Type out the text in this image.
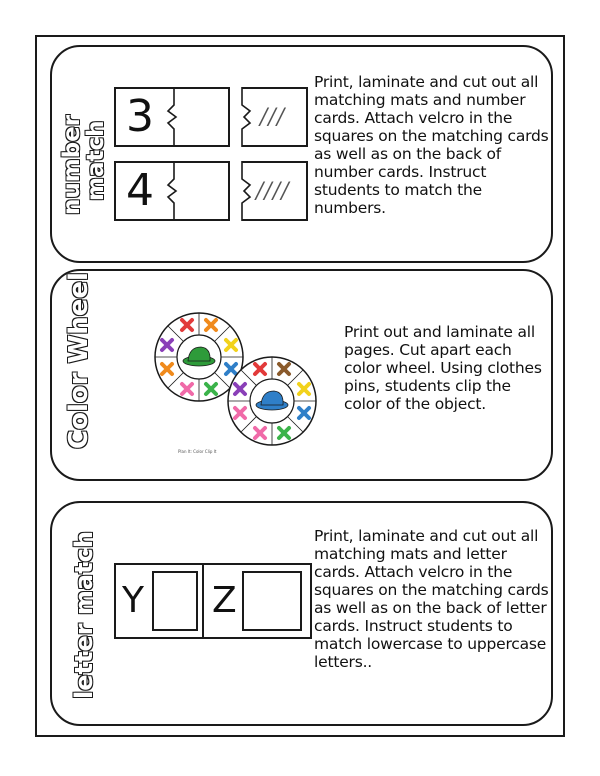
number
match
3	///
4	////
Print, laminate and cut out all matching mats and number cards. Attach velcro in the squares on the matching cards as well as on the back of number cards. Instruct students to match the numbers.
Color Wheel
Plan It: Color Clip It
Print out and laminate all pages. Cut apart each color wheel. Using clothes pins, students clip the color of the object.
letter match Y Z
Print, laminate and cut out all matching mats and letter cards. Attach velcro in the squares on the matching cards as well as on the back of letter cards. Instruct students to match lowercase to uppercase letters..
